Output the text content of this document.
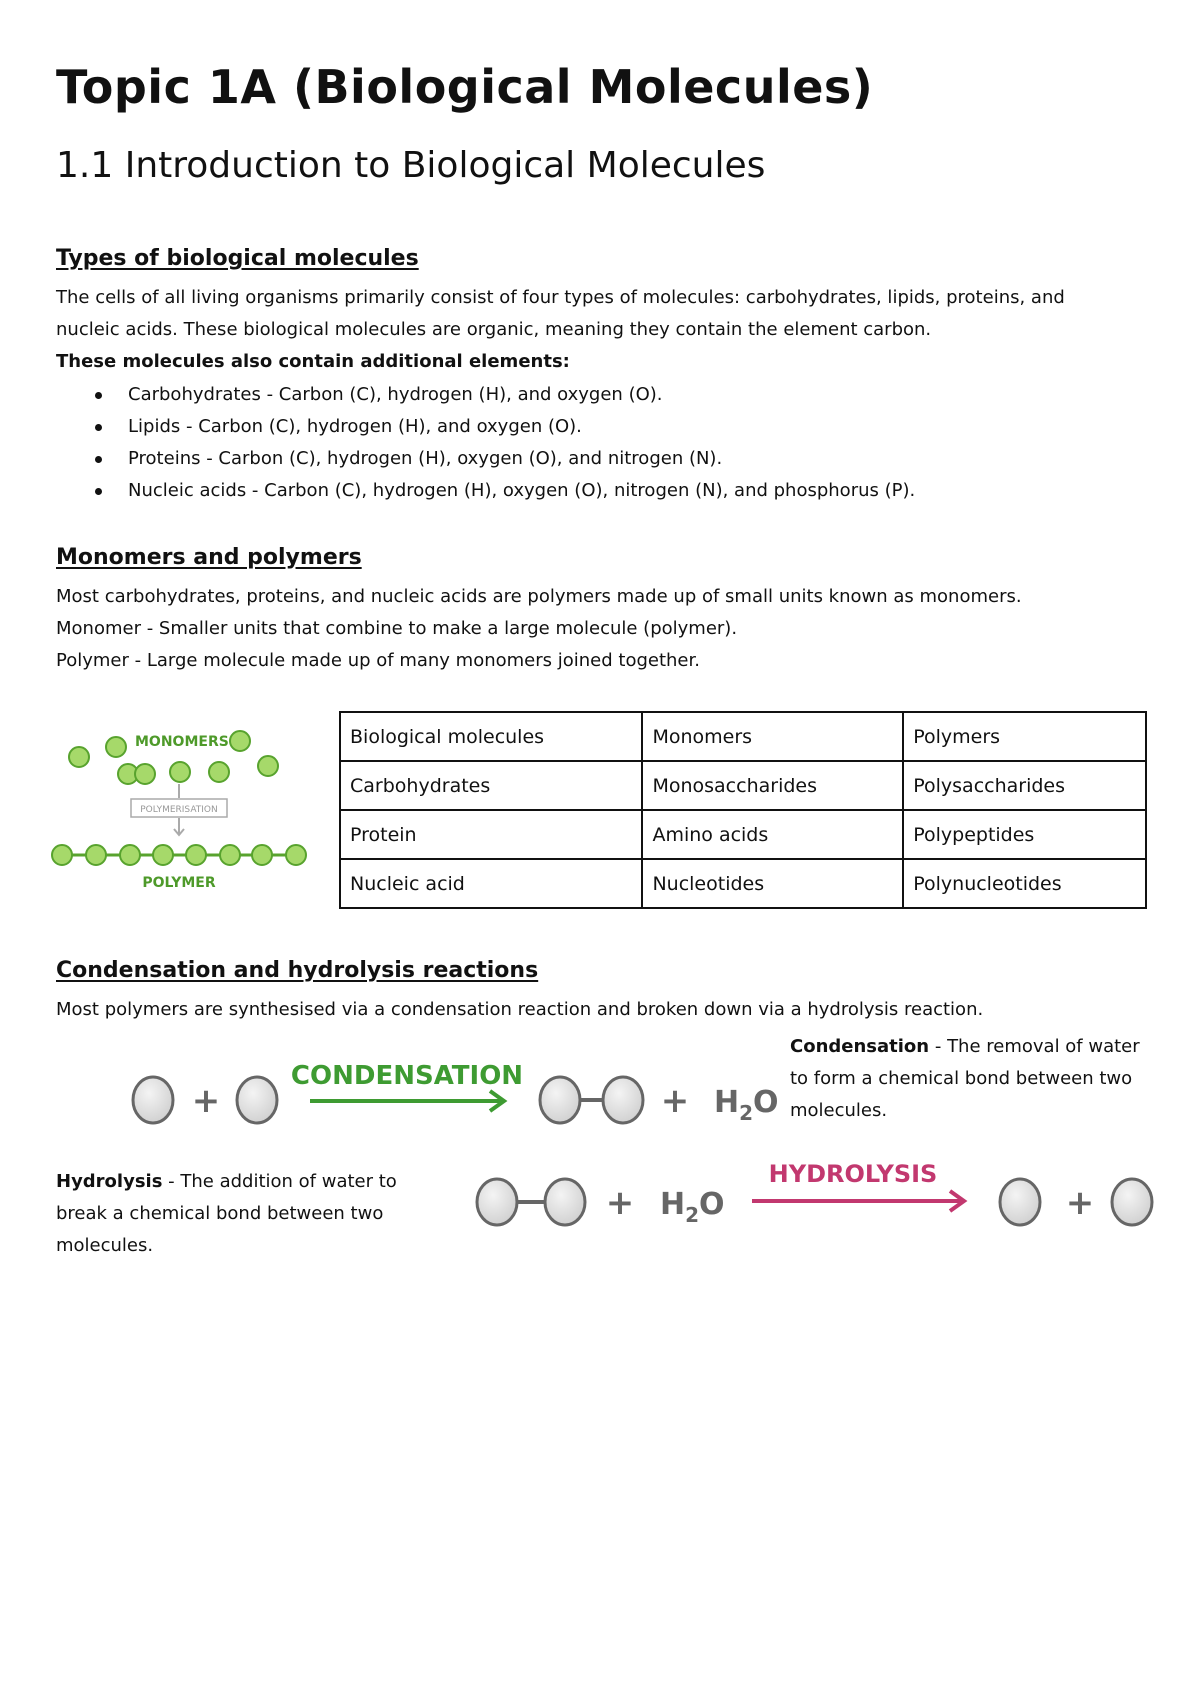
Topic 1A (Biological Molecules)
1.1 Introduction to Biological Molecules

Types of biological molecules

The cells of all living organisms primarily consist of four types of molecules: carbohydrates, lipids, proteins, and

nucleic acids. These biological molecules are organic, meaning they contain the element carbon.

These molecules also contain additional elements:

Carbohydrates - Carbon (C), hydrogen (H), and oxygen (O).
Lipids - Carbon (C), hydrogen (H), and oxygen (O).
Proteins - Carbon (C), hydrogen (H), oxygen (O), and nitrogen (N).
Nucleic acids - Carbon (C), hydrogen (H), oxygen (O), nitrogen (N), and phosphorus (P).

Monomers and polymers

Most carbohydrates, proteins, and nucleic acids are polymers made up of small units known as monomers.

Monomer - Smaller units that combine to make a large molecule (polymer).

Polymer - Large molecule made up of many monomers joined together.

MONOMERS
POLYMERISATION
POLYMER
Biological molecules	Monomers	Polymers
Carbohydrates	Monosaccharides	Polysaccharides
Protein	Amino acids	Polypeptides
Nucleic acid	Nucleotides	Polynucleotides

Condensation and hydrolysis reactions

Most polymers are synthesised via a condensation reaction and broken down via a hydrolysis reaction.

+
CONDENSATION
+ $H_2O$
Condensation - The removal of water
to form a chemical bond between two
molecules.
Hydrolysis - The addition of water to
break a chemical bond between two
molecules.
+ $H_2O$
HYDROLYSIS
+
